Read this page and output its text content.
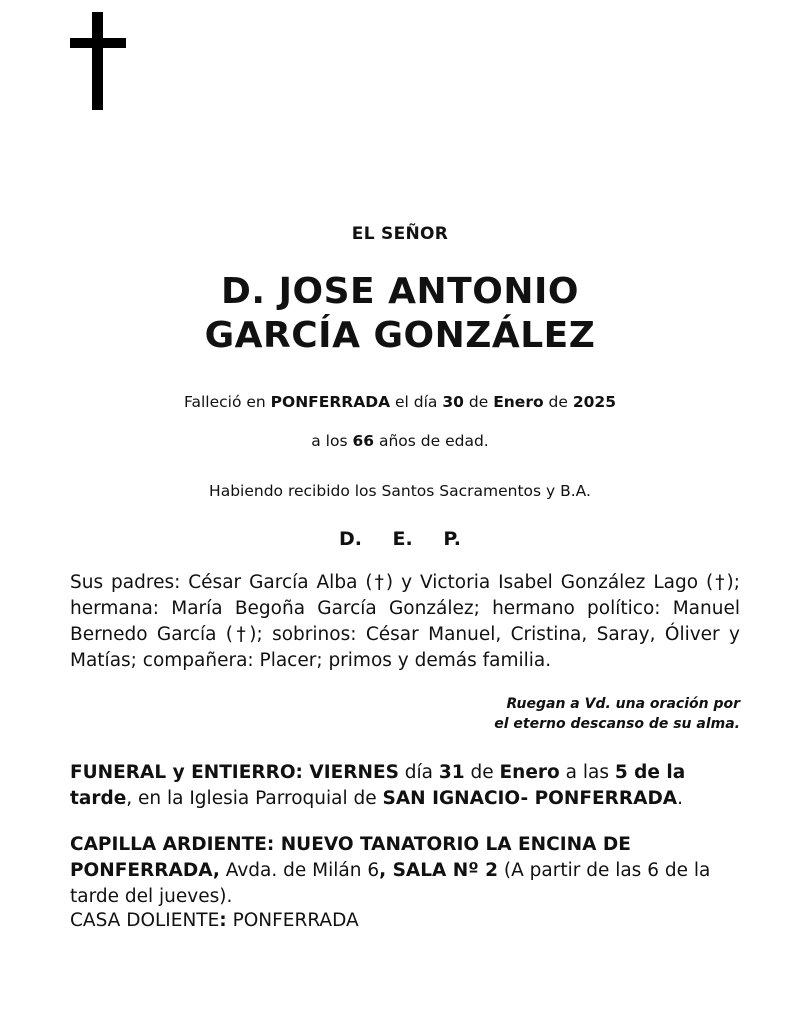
EL SEÑOR
D. JOSE ANTONIO
GARCÍA GONZÁLEZ
Falleció en PONFERRADA el día 30 de Enero de 2025
a los 66 años de edad.
Habiendo recibido los Santos Sacramentos y B.A.
D. E. P.
Sus padres: César García Alba (†) y Victoria Isabel González Lago (†); hermana: María Begoña García González; hermano político: Manuel Bernedo García (†); sobrinos: César Manuel, Cristina, Saray, Óliver y Matías; compañera: Placer; primos y demás familia.
Ruegan a Vd. una oración por
el eterno descanso de su alma.
FUNERAL y ENTIERRO: VIERNES día 31 de Enero a las 5 de la tarde, en la Iglesia Parroquial de SAN IGNACIO- PONFERRADA.
CAPILLA ARDIENTE: NUEVO TANATORIO LA ENCINA DE PONFERRADA, Avda. de Milán 6, SALA Nº 2 (A partir de las 6 de la tarde del jueves).
CASA DOLIENTE: PONFERRADA
